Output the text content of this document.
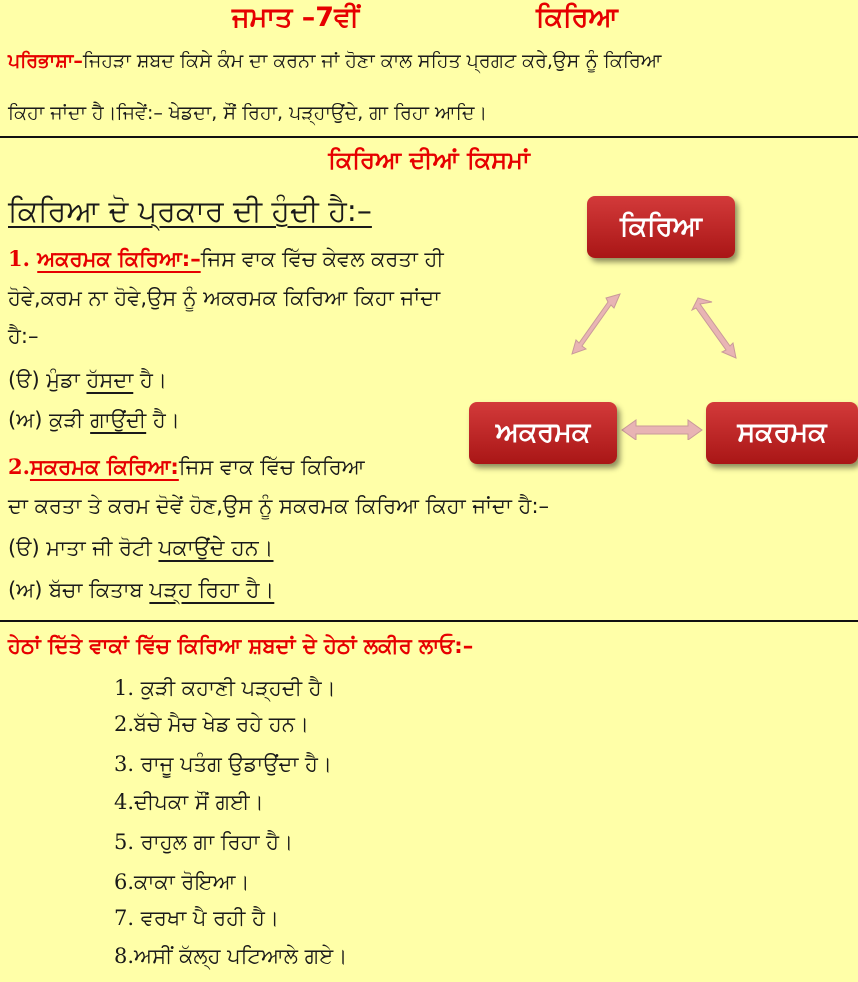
ਜਮਾਤ –7ਵੀਂ	ਕਿਰਿਆ
ਪਰਿਭਾਸ਼ਾ–ਜਿਹੜਾ ਸ਼ਬਦ ਕਿਸੇ ਕੰਮ ਦਾ ਕਰਨਾ ਜਾਂ ਹੋਣਾ ਕਾਲ ਸਹਿਤ ਪ੍ਰਗਟ ਕਰੇ,ਉਸ ਨੂੰ ਕਿਰਿਆ
ਕਿਹਾ ਜਾਂਦਾ ਹੈ।ਜਿਵੇਂ:– ਖੇਡਦਾ, ਸੌਂ ਰਿਹਾ, ਪੜ੍ਹਾਉਂਦੇ, ਗਾ ਰਿਹਾ ਆਦਿ।
ਕਿਰਿਆ ਦੀਆਂ ਕਿਸਮਾਂ
ਕਿਰਿਆ ਦੋ ਪ੍ਰਕਾਰ ਦੀ ਹੁੰਦੀ ਹੈ:–
1. ਅਕਰਮਕ ਕਿਰਿਆ:–ਜਿਸ ਵਾਕ ਵਿੱਚ ਕੇਵਲ ਕਰਤਾ ਹੀ
ਹੋਵੇ,ਕਰਮ ਨਾ ਹੋਵੇ,ਉਸ ਨੂੰ ਅਕਰਮਕ ਕਿਰਿਆ ਕਿਹਾ ਜਾਂਦਾ
ਹੈ:–
(ੳ) ਮੁੰਡਾ ਹੱਸਦਾ ਹੈ।
(ਅ) ਕੁੜੀ ਗਾਉਂਦੀ ਹੈ।
2.ਸਕਰਮਕ ਕਿਰਿਆ:ਜਿਸ ਵਾਕ ਵਿੱਚ ਕਿਰਿਆ
ਦਾ ਕਰਤਾ ਤੇ ਕਰਮ ਦੋਵੇਂ ਹੋਣ,ਉਸ ਨੂੰ ਸਕਰਮਕ ਕਿਰਿਆ ਕਿਹਾ ਜਾਂਦਾ ਹੈ:–
(ੳ) ਮਾਤਾ ਜੀ ਰੋਟੀ ਪਕਾਉਂਦੇ ਹਨ।
(ਅ) ਬੱਚਾ ਕਿਤਾਬ ਪੜ੍ਹ ਰਿਹਾ ਹੈ।
ਕਿਰਿਆ
ਅਕਰਮਕ	ਸਕਰਮਕ
ਹੇਠਾਂ ਦਿੱਤੇ ਵਾਕਾਂ ਵਿੱਚ ਕਿਰਿਆ ਸ਼ਬਦਾਂ ਦੇ ਹੇਠਾਂ ਲਕੀਰ ਲਾਓ:–
1. ਕੁੜੀ ਕਹਾਣੀ ਪੜ੍ਹਦੀ ਹੈ।
2.ਬੱਚੇ ਮੈਚ ਖੇਡ ਰਹੇ ਹਨ।
3. ਰਾਜੂ ਪਤੰਗ ਉਡਾਉਂਦਾ ਹੈ।
4.ਦੀਪਕਾ ਸੌਂ ਗਈ।
5. ਰਾਹੁਲ ਗਾ ਰਿਹਾ ਹੈ।
6.ਕਾਕਾ ਰੋਇਆ।
7. ਵਰਖਾ ਪੈ ਰਹੀ ਹੈ।
8.ਅਸੀਂ ਕੱਲ੍ਹ ਪਟਿਆਲੇ ਗਏ।
